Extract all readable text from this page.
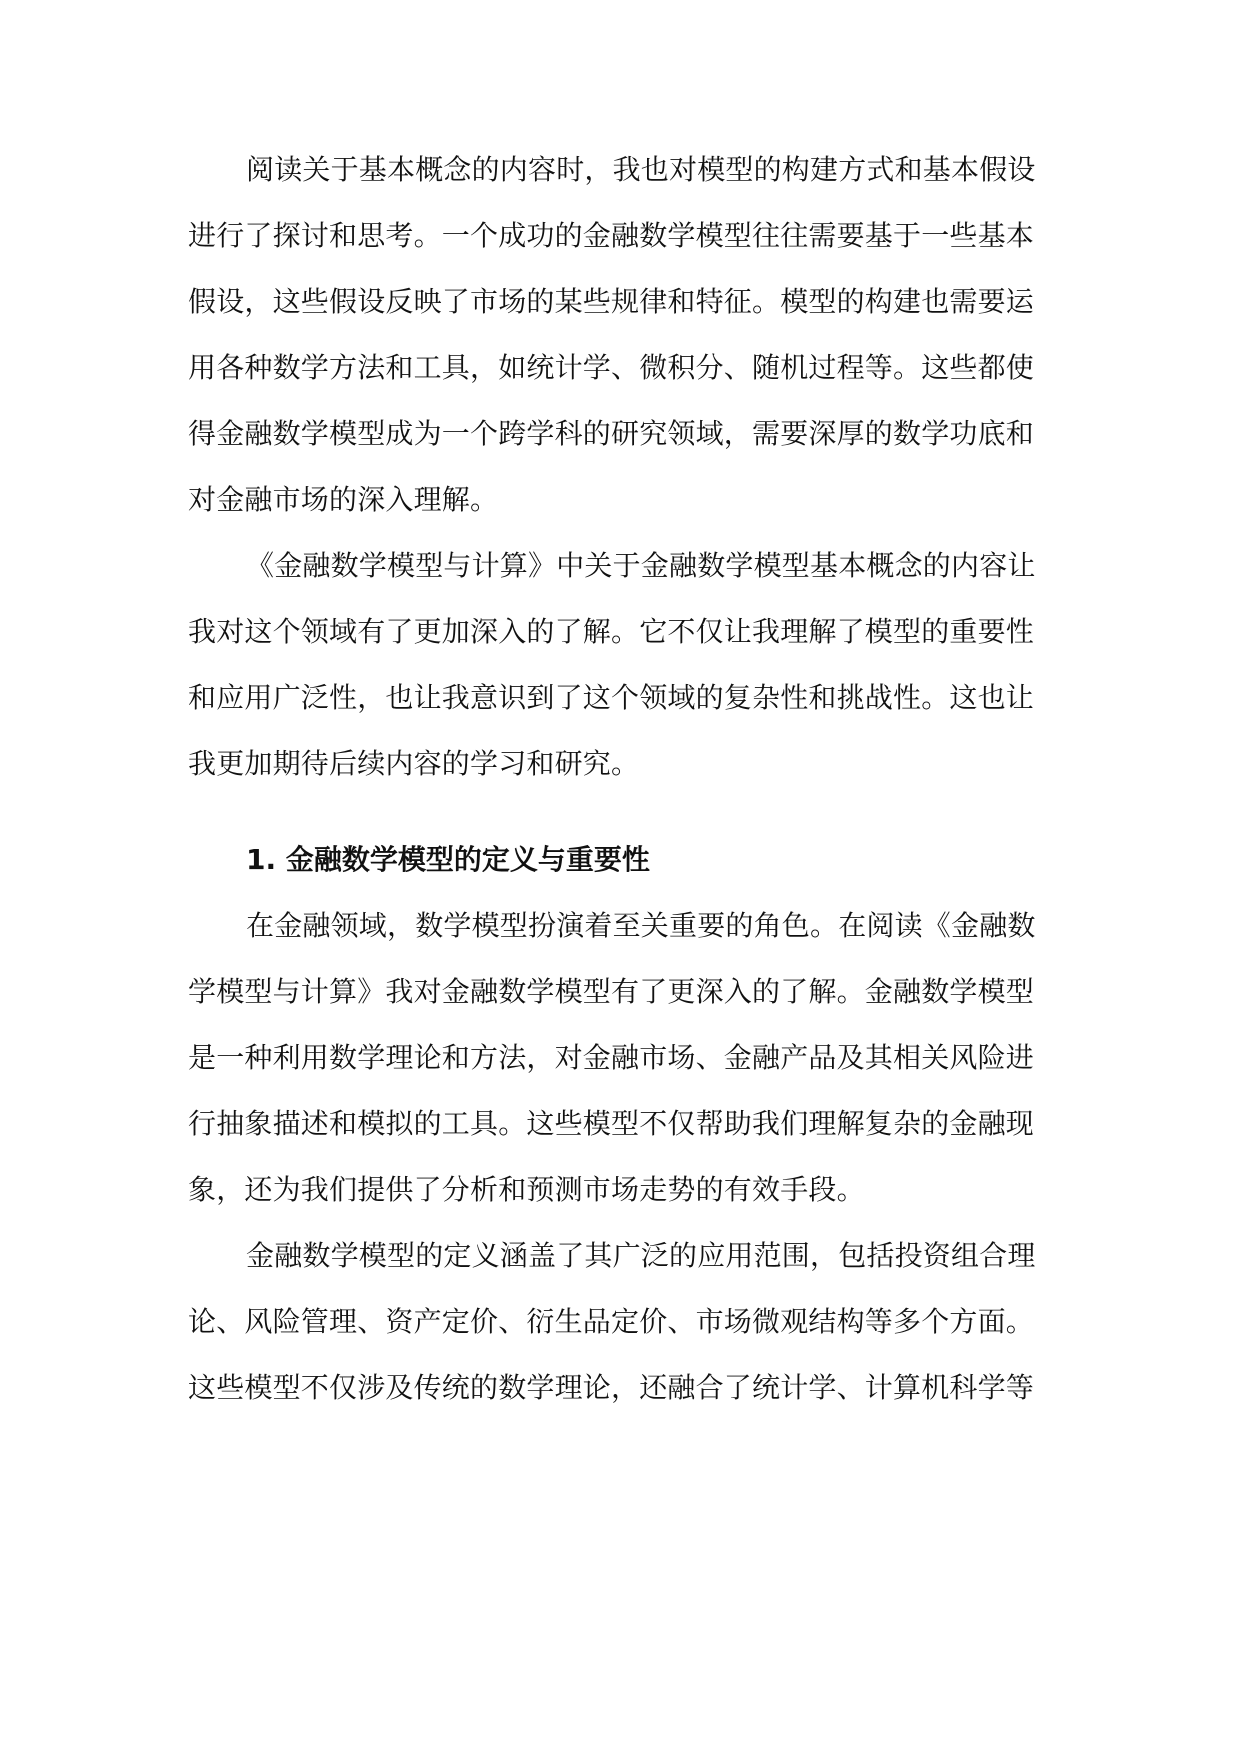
阅读关于基本概念的内容时，我也对模型的构建方式和基本假设
进行了探讨和思考。一个成功的金融数学模型往往需要基于一些基本
假设，这些假设反映了市场的某些规律和特征。模型的构建也需要运
用各种数学方法和工具，如统计学、微积分、随机过程等。这些都使
得金融数学模型成为一个跨学科的研究领域，需要深厚的数学功底和
对金融市场的深入理解。
《金融数学模型与计算》中关于金融数学模型基本概念的内容让
我对这个领域有了更加深入的了解。它不仅让我理解了模型的重要性
和应用广泛性，也让我意识到了这个领域的复杂性和挑战性。这也让
我更加期待后续内容的学习和研究。
1. 金融数学模型的定义与重要性
在金融领域，数学模型扮演着至关重要的角色。在阅读《金融数
学模型与计算》我对金融数学模型有了更深入的了解。金融数学模型
是一种利用数学理论和方法，对金融市场、金融产品及其相关风险进
行抽象描述和模拟的工具。这些模型不仅帮助我们理解复杂的金融现
象，还为我们提供了分析和预测市场走势的有效手段。
金融数学模型的定义涵盖了其广泛的应用范围，包括投资组合理
论、风险管理、资产定价、衍生品定价、市场微观结构等多个方面。
这些模型不仅涉及传统的数学理论，还融合了统计学、计算机科学等
